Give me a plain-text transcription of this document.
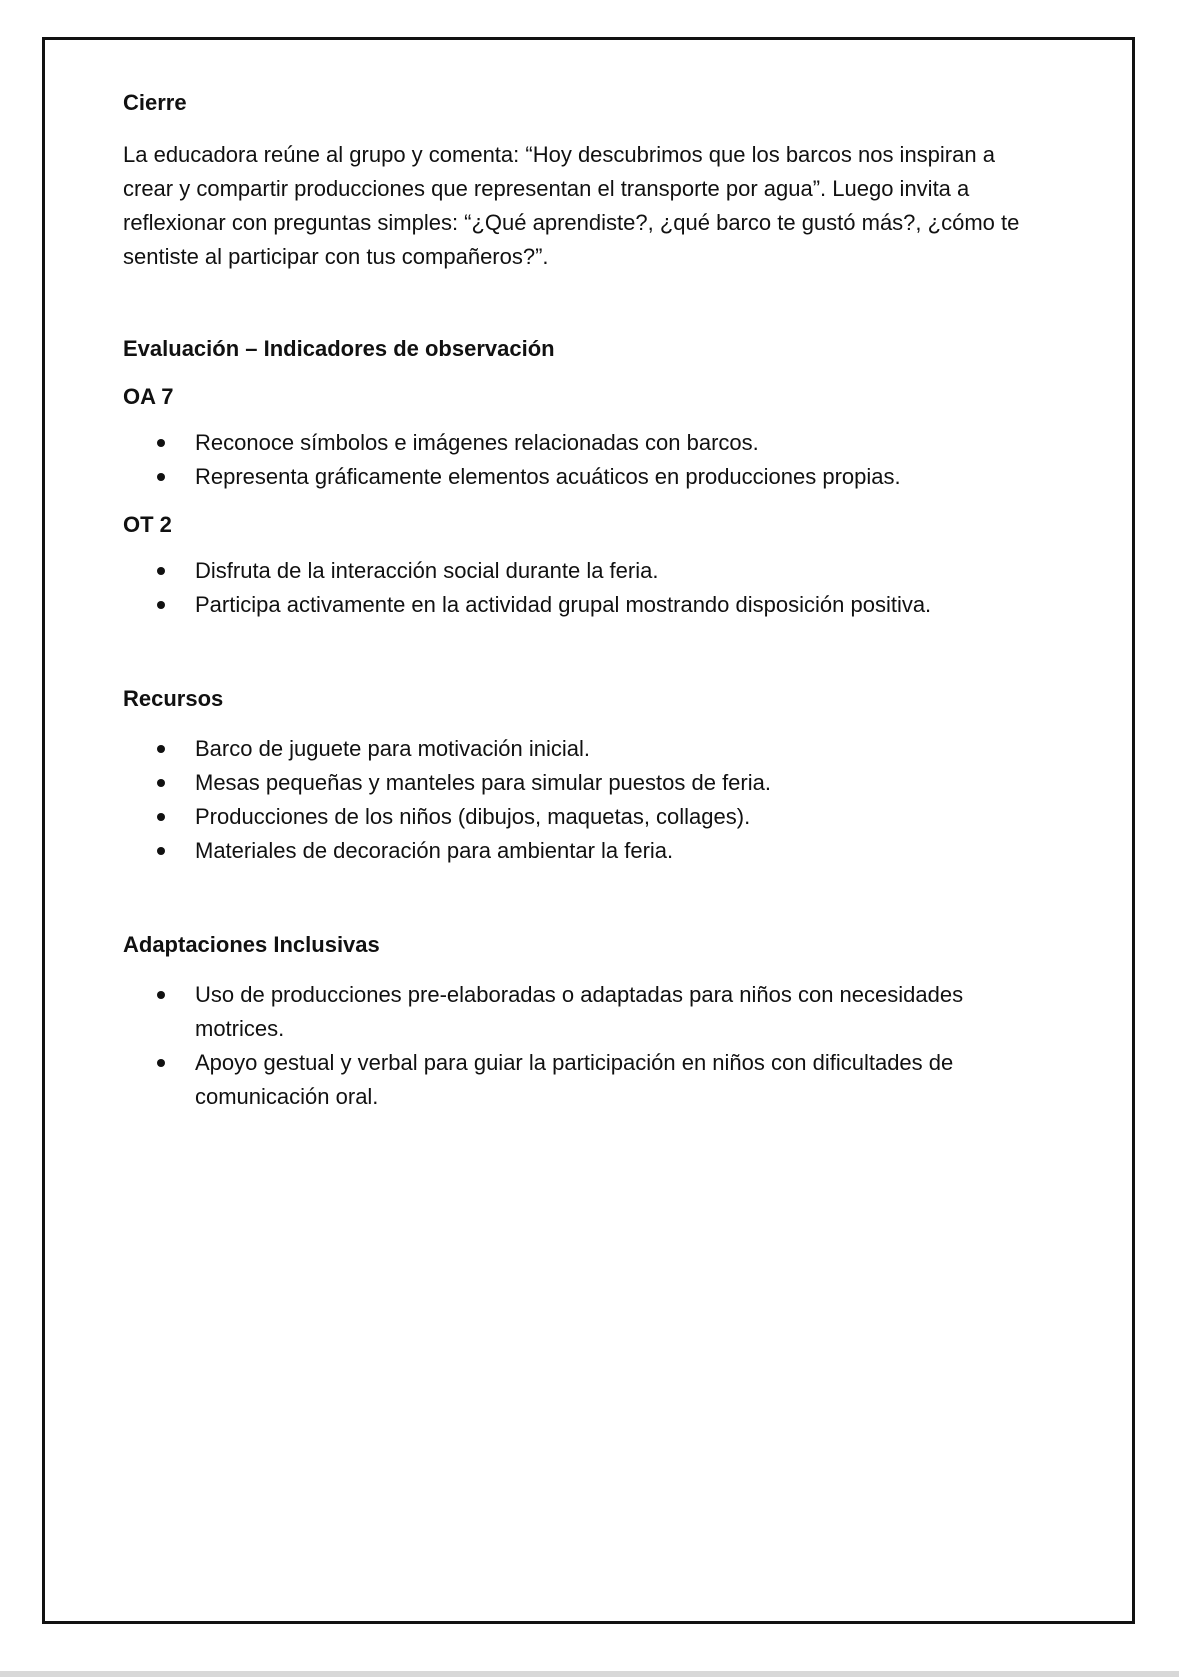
Cierre

La educadora reúne al grupo y comenta: “Hoy descubrimos que los barcos nos inspiran a crear y compartir producciones que representan el transporte por agua”. Luego invita a reflexionar con preguntas simples: “¿Qué aprendiste?, ¿qué barco te gustó más?, ¿cómo te sentiste al participar con tus compañeros?”.

Evaluación – Indicadores de observación

OA 7

Reconoce símbolos e imágenes relacionadas con barcos.
Representa gráficamente elementos acuáticos en producciones propias.

OT 2

Disfruta de la interacción social durante la feria.
Participa activamente en la actividad grupal mostrando disposición positiva.

Recursos

Barco de juguete para motivación inicial.
Mesas pequeñas y manteles para simular puestos de feria.
Producciones de los niños (dibujos, maquetas, collages).
Materiales de decoración para ambientar la feria.

Adaptaciones Inclusivas

Uso de producciones pre-elaboradas o adaptadas para niños con necesidades motrices.
Apoyo gestual y verbal para guiar la participación en niños con dificultades de comunicación oral.
